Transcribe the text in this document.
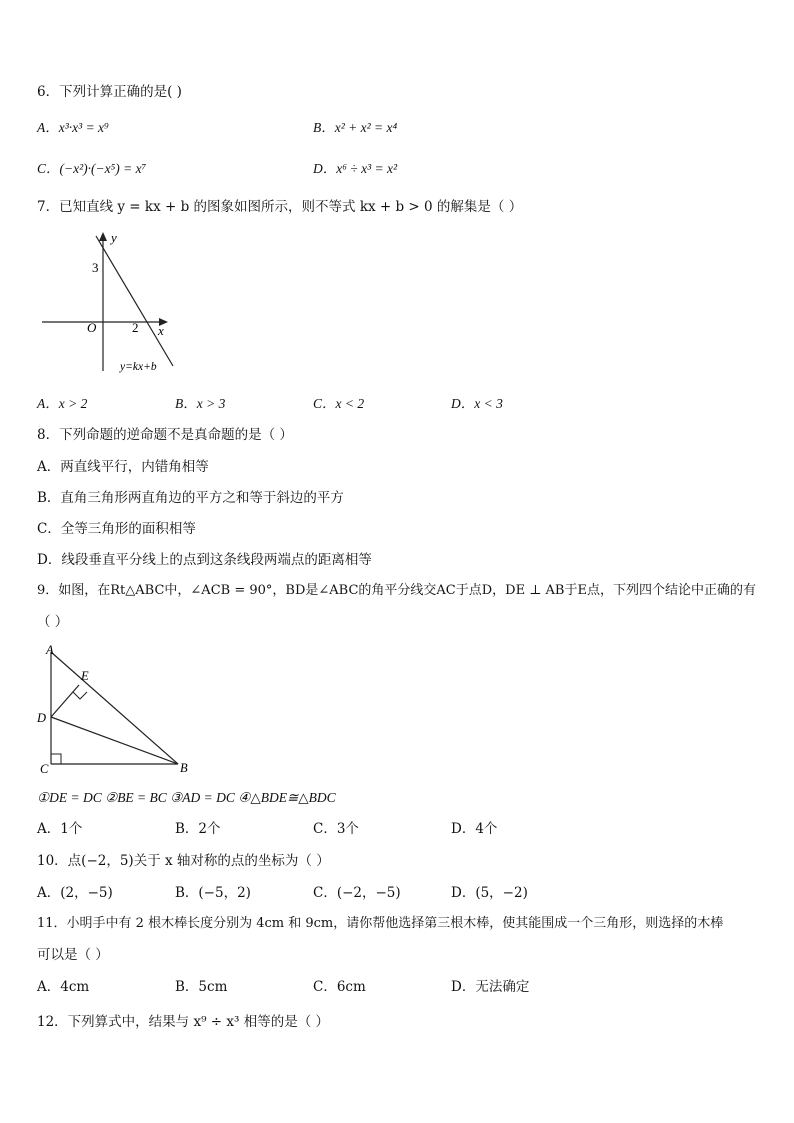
6．下列计算正确的是( )
A．x³·x³ = x⁹	B．x² + x² = x⁴
C．(−x²)·(−x⁵) = x⁷	D．x⁶ ÷ x³ = x²
7．已知直线 y = kx + b 的图象如图所示，则不等式 kx + b > 0 的解集是（ ）
y
x
O
3
2
y=kx+b
A．x > 2	B．x > 3	C．x < 2	D．x < 3
8．下列命题的逆命题不是真命题的是（ ）
A．两直线平行，内错角相等
B．直角三角形两直角边的平方之和等于斜边的平方
C．全等三角形的面积相等
D．线段垂直平分线上的点到这条线段两端点的距离相等
9．如图，在Rt△ABC中，∠ACB = 90°，BD是∠ABC的角平分线交AC于点D，DE ⊥ AB于E点，下列四个结论中正确的有
（ ）
A
E
D
C	B
①DE = DC ②BE = BC ③AD = DC ④△BDE≅△BDC
A．1个	B．2个	C．3个	D．4个
10．点(−2，5)关于 x 轴对称的点的坐标为（ ）
A．(2，−5)	B．(−5，2)	C．(−2，−5)	D．(5，−2)
11．小明手中有 2 根木棒长度分别为 4cm 和 9cm，请你帮他选择第三根木棒，使其能围成一个三角形，则选择的木棒
可以是（ ）
A．4cm	B．5cm	C．6cm	D．无法确定
12．下列算式中，结果与 x⁹ ÷ x³ 相等的是（ ）
